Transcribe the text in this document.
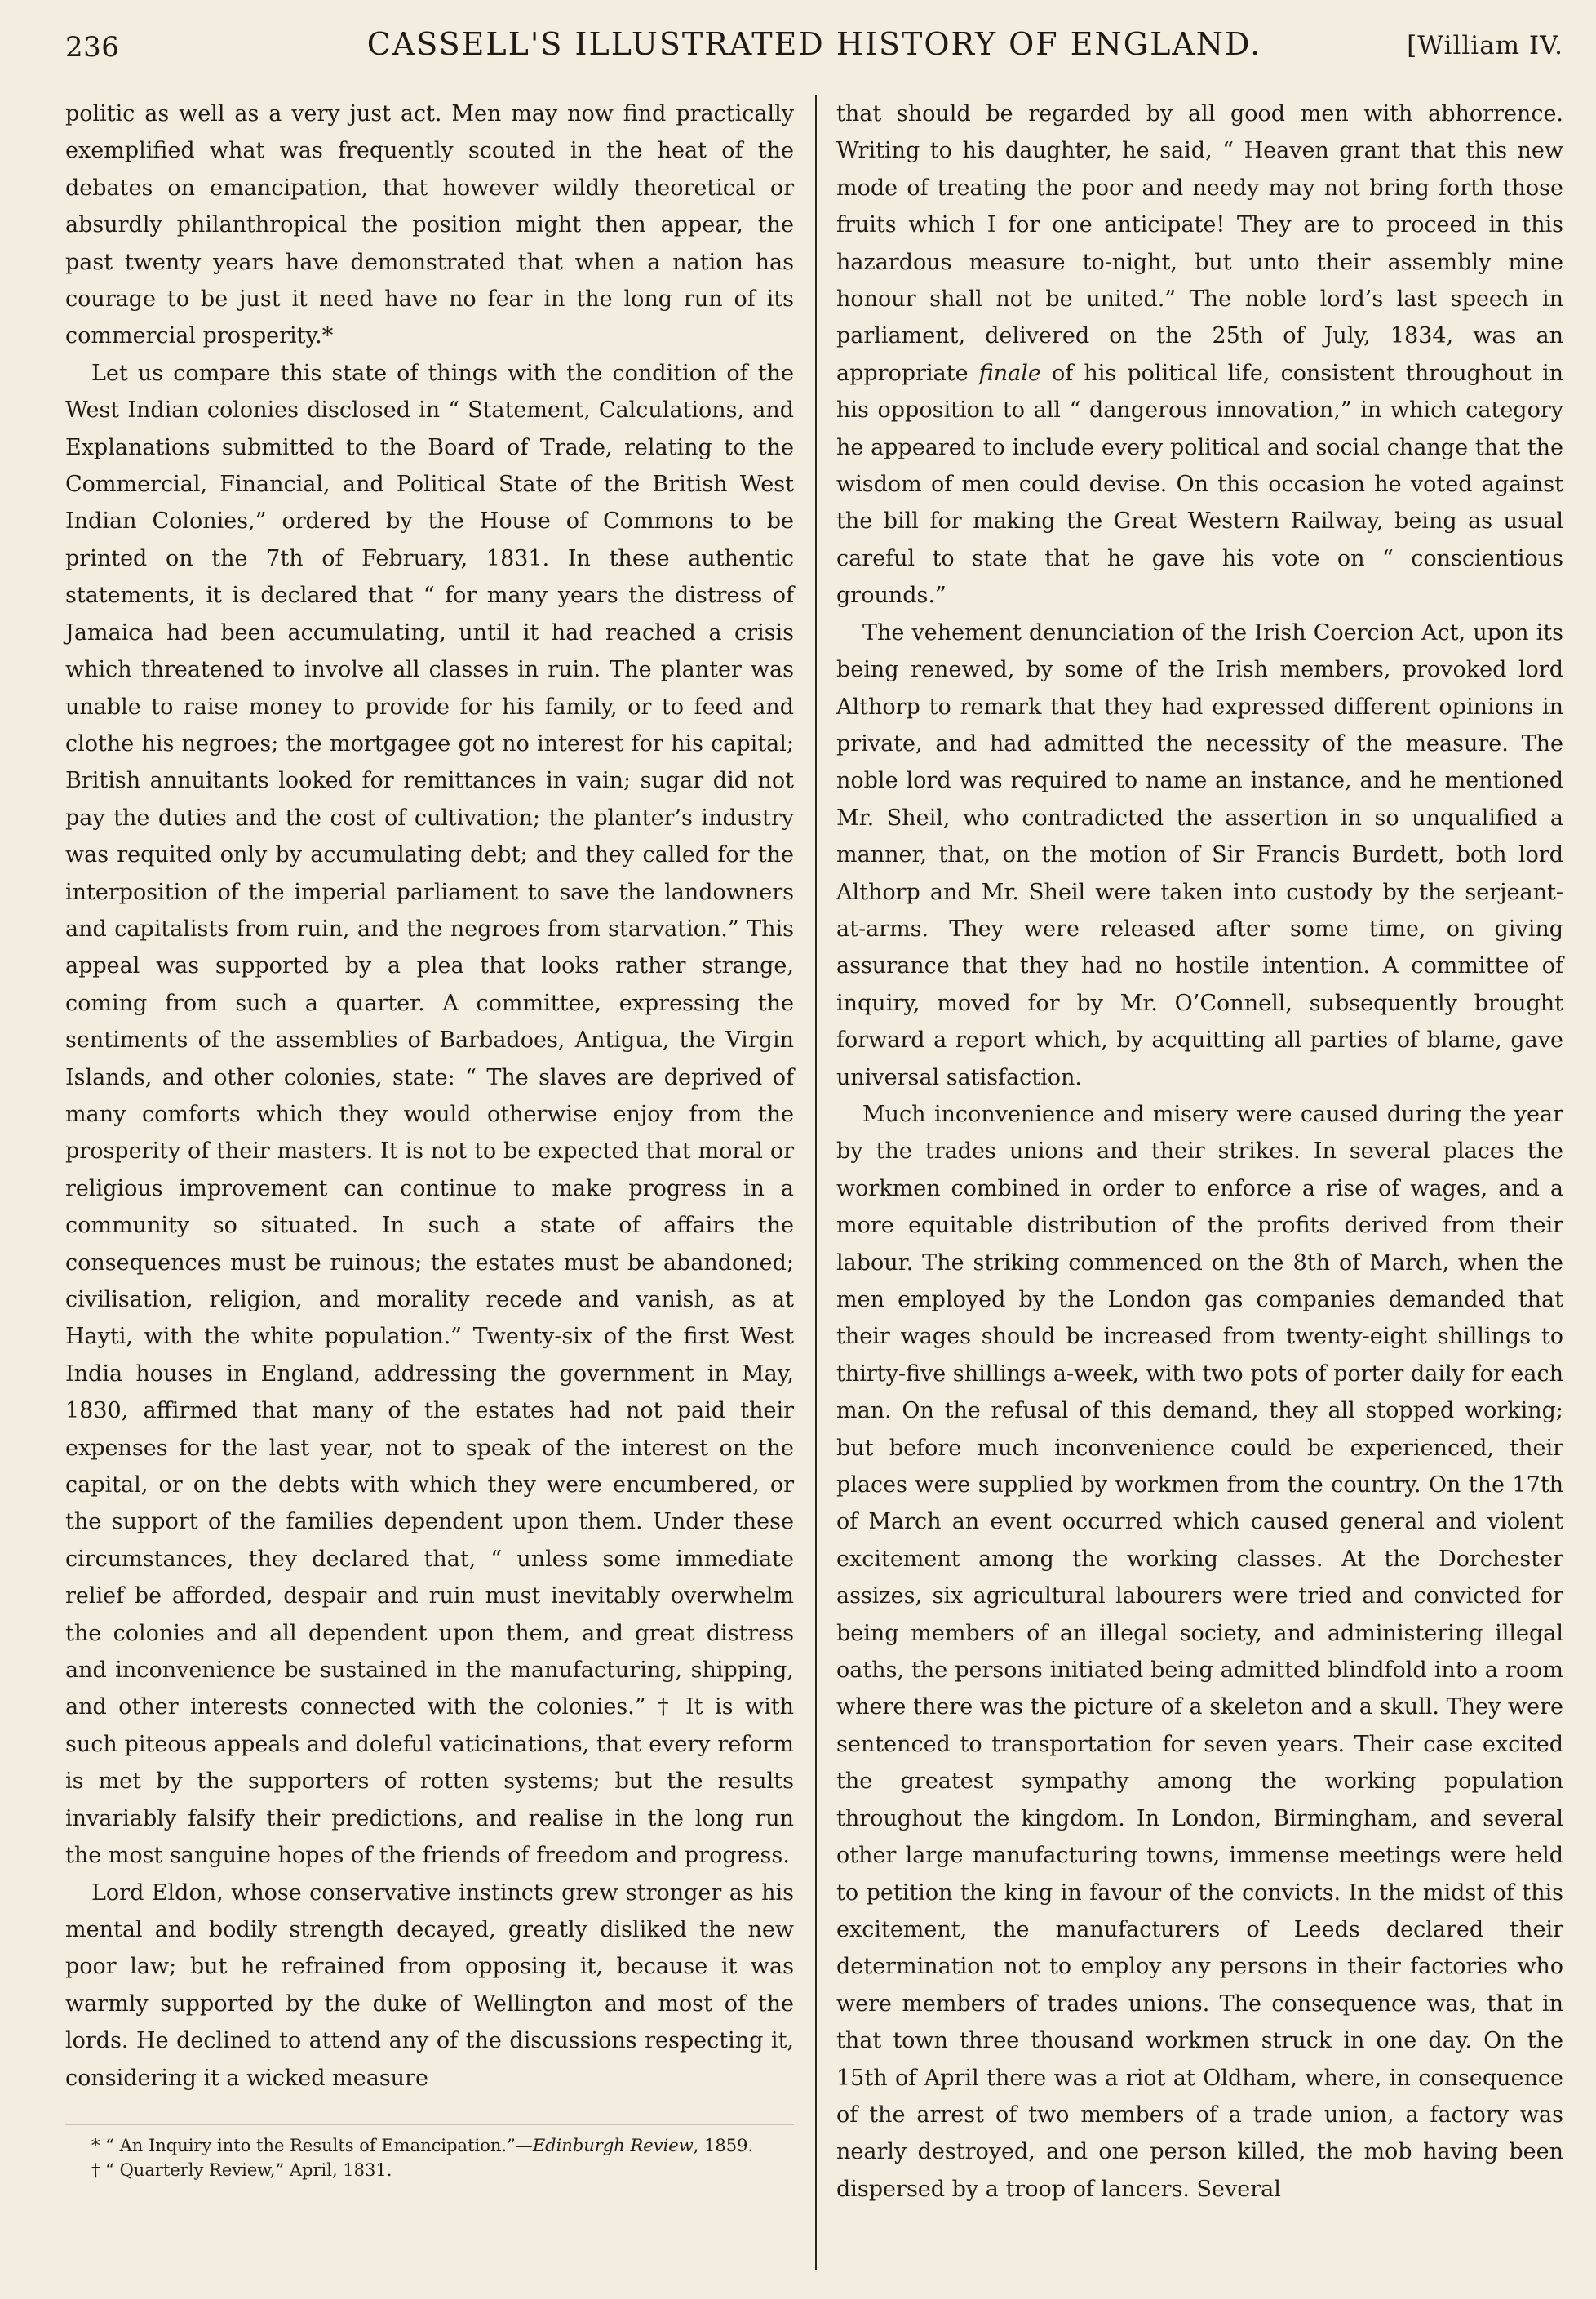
236	CASSELL'S ILLUSTRATED HISTORY OF ENGLAND.	[William IV.

politic as well as a very just act. Men may now find practically exemplified what was frequently scouted in the heat of the debates on emancipation, that however wildly theoretical or absurdly philanthropical the position might then appear, the past twenty years have demonstrated that when a nation has courage to be just it need have no fear in the long run of its commercial prosperity.*

Let us compare this state of things with the condition of the West Indian colonies disclosed in “ Statement, Calculations, and Explanations submitted to the Board of Trade, relating to the Commercial, Financial, and Political State of the British West Indian Colonies,” ordered by the House of Commons to be printed on the 7th of February, 1831. In these authentic statements, it is declared that “ for many years the distress of Jamaica had been accumulating, until it had reached a crisis which threatened to involve all classes in ruin. The planter was unable to raise money to provide for his family, or to feed and clothe his negroes; the mortgagee got no interest for his capital; British annuitants looked for remittances in vain; sugar did not pay the duties and the cost of cultivation; the planter’s industry was requited only by accumulating debt; and they called for the interposition of the imperial parliament to save the landowners and capitalists from ruin, and the negroes from starvation.” This appeal was supported by a plea that looks rather strange, coming from such a quarter. A committee, expressing the sentiments of the assemblies of Barbadoes, Antigua, the Virgin Islands, and other colonies, state: “ The slaves are deprived of many comforts which they would otherwise enjoy from the prosperity of their masters. It is not to be expected that moral or religious improvement can continue to make progress in a community so situated. In such a state of affairs the consequences must be ruinous; the estates must be abandoned; civilisation, religion, and morality recede and vanish, as at Hayti, with the white population.” Twenty-six of the first West India houses in England, addressing the government in May, 1830, affirmed that many of the estates had not paid their expenses for the last year, not to speak of the interest on the capital, or on the debts with which they were encumbered, or the support of the families dependent upon them. Under these circumstances, they declared that, “ unless some immediate relief be afforded, despair and ruin must inevitably overwhelm the colonies and all dependent upon them, and great distress and inconvenience be sustained in the manufacturing, shipping, and other interests connected with the colonies.” † It is with such piteous appeals and doleful vaticinations, that every reform is met by the supporters of rotten systems; but the results invariably falsify their predictions, and realise in the long run the most sanguine hopes of the friends of freedom and progress.

Lord Eldon, whose conservative instincts grew stronger as his mental and bodily strength decayed, greatly disliked the new poor law; but he refrained from opposing it, because it was warmly supported by the duke of Wellington and most of the lords. He declined to attend any of the discussions respecting it, considering it a wicked measure

* “ An Inquiry into the Results of Emancipation.”—Edinburgh Review, 1859.

† “ Quarterly Review,” April, 1831.

that should be regarded by all good men with abhorrence. Writing to his daughter, he said, “ Heaven grant that this new mode of treating the poor and needy may not bring forth those fruits which I for one anticipate! They are to proceed in this hazardous measure to-night, but unto their assembly mine honour shall not be united.” The noble lord’s last speech in parliament, delivered on the 25th of July, 1834, was an appropriate finale of his political life, consistent throughout in his opposition to all “ dangerous innovation,” in which category he appeared to include every political and social change that the wisdom of men could devise. On this occasion he voted against the bill for making the Great Western Railway, being as usual careful to state that he gave his vote on “ conscientious grounds.”

The vehement denunciation of the Irish Coercion Act, upon its being renewed, by some of the Irish members, provoked lord Althorp to remark that they had expressed different opinions in private, and had admitted the necessity of the measure. The noble lord was required to name an instance, and he mentioned Mr. Sheil, who contradicted the assertion in so unqualified a manner, that, on the motion of Sir Francis Burdett, both lord Althorp and Mr. Sheil were taken into custody by the serjeant-at-arms. They were released after some time, on giving assurance that they had no hostile intention. A committee of inquiry, moved for by Mr. O’Connell, subsequently brought forward a report which, by acquitting all parties of blame, gave universal satisfaction.

Much inconvenience and misery were caused during the year by the trades unions and their strikes. In several places the workmen combined in order to enforce a rise of wages, and a more equitable distribution of the profits derived from their labour. The striking commenced on the 8th of March, when the men employed by the London gas companies demanded that their wages should be increased from twenty-eight shillings to thirty-five shillings a-week, with two pots of porter daily for each man. On the refusal of this demand, they all stopped working; but before much inconvenience could be experienced, their places were supplied by workmen from the country. On the 17th of March an event occurred which caused general and violent excitement among the working classes. At the Dorchester assizes, six agricultural labourers were tried and convicted for being members of an illegal society, and administering illegal oaths, the persons initiated being admitted blindfold into a room where there was the picture of a skeleton and a skull. They were sentenced to transportation for seven years. Their case excited the greatest sympathy among the working population throughout the kingdom. In London, Birmingham, and several other large manufacturing towns, immense meetings were held to petition the king in favour of the convicts. In the midst of this excitement, the manufacturers of Leeds declared their determination not to employ any persons in their factories who were members of trades unions. The consequence was, that in that town three thousand workmen struck in one day. On the 15th of April there was a riot at Oldham, where, in consequence of the arrest of two members of a trade union, a factory was nearly destroyed, and one person killed, the mob having been dispersed by a troop of lancers. Several
